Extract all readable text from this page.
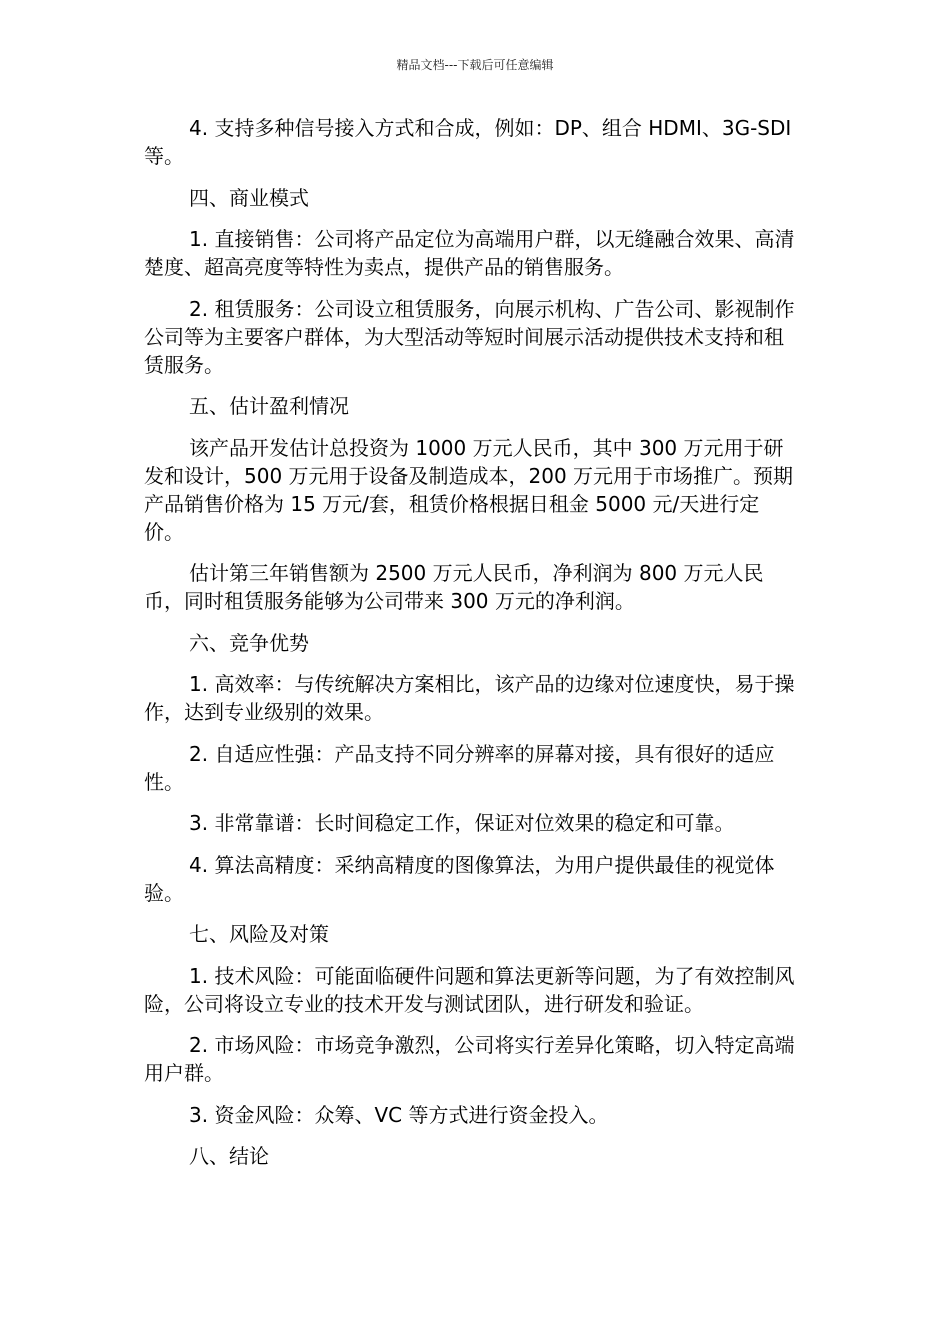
精品文档---下载后可任意编辑

4. 支持多种信号接入方式和合成，例如：DP、组合 HDMI、3G-SDI 等。

四、商业模式

1. 直接销售：公司将产品定位为高端用户群，以无缝融合效果、高清楚度、超高亮度等特性为卖点，提供产品的销售服务。

2. 租赁服务：公司设立租赁服务，向展示机构、广告公司、影视制作公司等为主要客户群体，为大型活动等短时间展示活动提供技术支持和租赁服务。

五、估计盈利情况

该产品开发估计总投资为 1000 万元人民币，其中 300 万元用于研发和设计，500 万元用于设备及制造成本，200 万元用于市场推广。预期产品销售价格为 15 万元/套，租赁价格根据日租金 5000 元/天进行定价。

估计第三年销售额为 2500 万元人民币，净利润为 800 万元人民币，同时租赁服务能够为公司带来 300 万元的净利润。

六、竞争优势

1. 高效率：与传统解决方案相比，该产品的边缘对位速度快，易于操作，达到专业级别的效果。

2. 自适应性强：产品支持不同分辨率的屏幕对接，具有很好的适应性。

3. 非常靠谱：长时间稳定工作，保证对位效果的稳定和可靠。

4. 算法高精度：采纳高精度的图像算法，为用户提供最佳的视觉体验。

七、风险及对策

1. 技术风险：可能面临硬件问题和算法更新等问题，为了有效控制风险，公司将设立专业的技术开发与测试团队，进行研发和验证。

2. 市场风险：市场竞争激烈，公司将实行差异化策略，切入特定高端用户群。

3. 资金风险：众筹、VC 等方式进行资金投入。

八、结论
